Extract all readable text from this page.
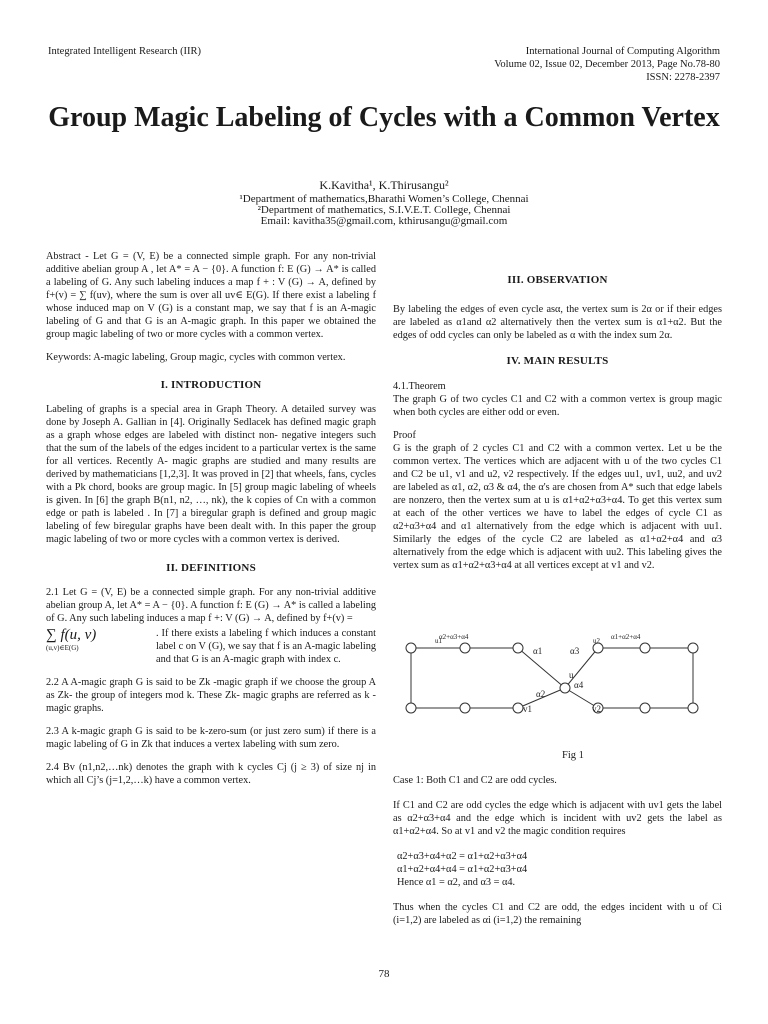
Integrated Intelligent Research (IIR)	International Journal of Computing Algorithm
Volume 02, Issue 02, December 2013, Page No.78-80
ISSN: 2278-2397
Group Magic Labeling of Cycles with a Common Vertex
K.Kavitha¹, K.Thirusangu²
¹Department of mathematics,Bharathi Women’s College, Chennai
²Department of mathematics, S.I.V.E.T. College, Chennai
Email: kavitha35@gmail.com, kthirusangu@gmail.com

Abstract - Let G = (V, E) be a connected simple graph. For any non-trivial additive abelian group A , let A* = A − {0}. A function f: E (G) → A* is called a labeling of G. Any such labeling induces a map f + : V (G) → A, defined by f+(v) = ∑ f(uv), where the sum is over all uv∈ E(G). If there exist a labeling f whose induced map on V (G) is a constant map, we say that f is an A-magic labeling of G and that G is an A-magic graph. In this paper we obtained the group magic labeling of two or more cycles with a common vertex.

Keywords: A-magic labeling, Group magic, cycles with common vertex.

I. INTRODUCTION

Labeling of graphs is a special area in Graph Theory. A detailed survey was done by Joseph A. Gallian in [4]. Originally Sedlacek has defined magic graph as a graph whose edges are labeled with distinct non- negative integers such that the sum of the labels of the edges incident to a particular vertex is the same for all vertices. Recently A- magic graphs are studied and many results are derived by mathematicians [1,2,3]. It was proved in [2] that wheels, fans, cycles with a Pk chord, books are group magic. In [5] group magic labeling of wheels is given. In [6] the graph B(n1, n2, …, nk), the k copies of Cn with a common edge or path is labeled . In [7] a biregular graph is defined and group magic labeling of few biregular graphs have been dealt with. In this paper the group magic labeling of two or more cycles with a common vertex is derived.

II. DEFINITIONS

2.1 Let G = (V, E) be a connected simple graph. For any non-trivial additive abelian group A, let A* = A − {0}. A function f: E (G) → A* is called a labeling of G. Any such labeling induces a map f +: V (G) → A, defined by f+(v) =

∑ f(u, v)
(u,v)∈E(G)

. If there exists a labeling f which induces a constant label c on V (G), we say that f is an A-magic labeling and that G is an A-magic graph with index c.

2.2 A A-magic graph G is said to be Zk -magic graph if we choose the group A as Zk- the group of integers mod k. These Zk- magic graphs are referred as k - magic graphs.

2.3 A k-magic graph G is said to be k-zero-sum (or just zero sum) if there is a magic labeling of G in Zk that induces a vertex labeling with sum zero.

2.4 Bv (n1,n2,…nk) denotes the graph with k cycles Cj (j ≥ 3) of size nj in which all Cj’s (j=1,2,…k) have a common vertex.

III. OBSERVATION

By labeling the edges of even cycle asα, the vertex sum is 2α or if their edges are labeled as α1and α2 alternatively then the vertex sum is α1+α2. But the edges of odd cycles can only be labeled as α with the index sum 2α.

IV. MAIN RESULTS

4.1.Theorem

The graph G of two cycles C1 and C2 with a common vertex is group magic when both cycles are either odd or even.

Proof

G is the graph of 2 cycles C1 and C2 with a common vertex. Let u be the common vertex. The vertices which are adjacent with u of the two cycles C1 and C2 be u1, v1 and u2, v2 respectively. If the edges uu1, uv1, uu2, and uv2 are labeled as α1, α2, α3 & α4, the α's are chosen from A* such that edge labels are nonzero, then the vertex sum at u is α1+α2+α3+α4. To get this vertex sum at each of the other vertices we have to label the edges of cycle C1 as α2+α3+α4 and α1 alternatively from the edge which is adjacent with uu1. Similarly the edges of the cycle C2 are labeled as α1+α2+α4 and α3 alternatively from the edge which is adjacent with uu2. This labeling gives the vertex sum as α1+α2+α3+α4 at all vertices except at v1 and v2.

α2+α3+α4
u1	α1+α2+α4
u2
α1	α3
α2
α4
u
v1	v2
Fig 1

Case 1: Both C1 and C2 are odd cycles.

If C1 and C2 are odd cycles the edge which is adjacent with uv1 gets the label as α2+α3+α4 and the edge which is incident with uv2 gets the label as α1+α2+α4. So at v1 and v2 the magic condition requires

α2+α3+α4+α2 = α1+α2+α3+α4
α1+α2+α4+α4 = α1+α2+α3+α4
Hence α1 = α2, and α3 = α4.

Thus when the cycles C1 and C2 are odd, the edges incident with u of Ci (i=1,2) are labeled as αi (i=1,2) the remaining

78
